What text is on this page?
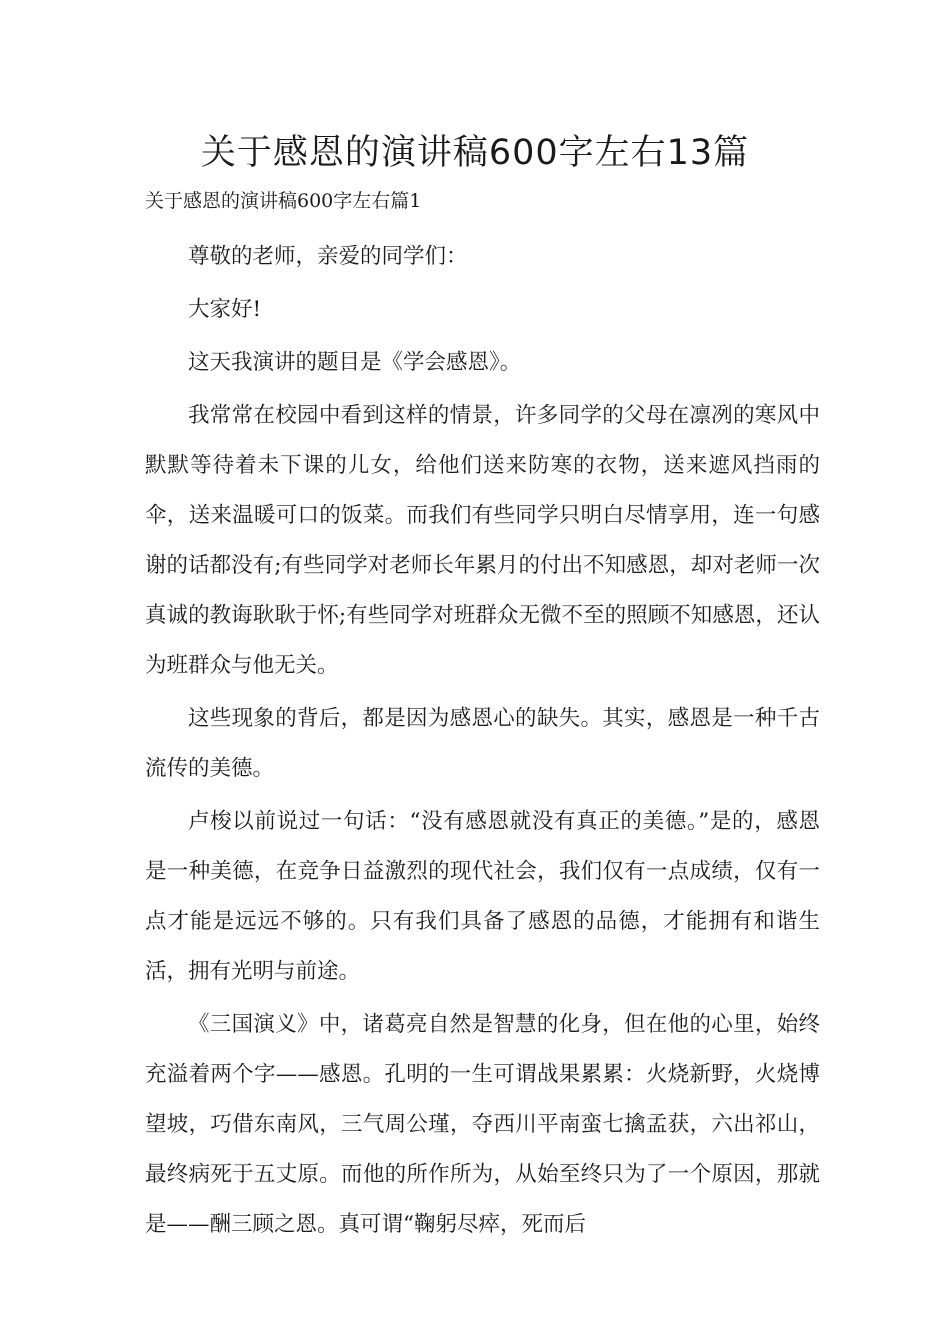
关于感恩的演讲稿600字左右13篇
关于感恩的演讲稿600字左右篇1

尊敬的老师，亲爱的同学们：

大家好!

这天我演讲的题目是《学会感恩》。

我常常在校园中看到这样的情景，许多同学的父母在凛冽的寒风中默默等待着未下课的儿女，给他们送来防寒的衣物，送来遮风挡雨的伞，送来温暖可口的饭菜。而我们有些同学只明白尽情享用，连一句感谢的话都没有;有些同学对老师长年累月的付出不知感恩，却对老师一次真诚的教诲耿耿于怀;有些同学对班群众无微不至的照顾不知感恩，还认为班群众与他无关。

这些现象的背后，都是因为感恩心的缺失。其实，感恩是一种千古流传的美德。

卢梭以前说过一句话：“没有感恩就没有真正的美德。”是的，感恩是一种美德，在竞争日益激烈的现代社会，我们仅有一点成绩，仅有一点才能是远远不够的。只有我们具备了感恩的品德，才能拥有和谐生活，拥有光明与前途。

《三国演义》中，诸葛亮自然是智慧的化身，但在他的心里，始终充溢着两个字——感恩。孔明的一生可谓战果累累：火烧新野，火烧博望坡，巧借东南风，三气周公瑾，夺西川平南蛮七擒孟获，六出祁山，最终病死于五丈原。而他的所作所为，从始至终只为了一个原因，那就是——酬三顾之恩。真可谓“鞠躬尽瘁，死而后
